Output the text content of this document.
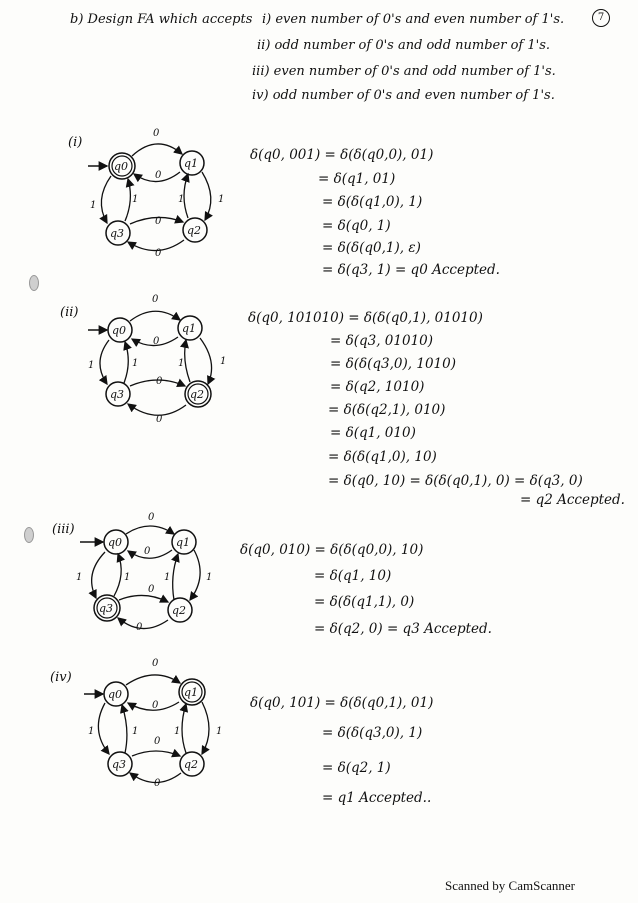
b) Design FA which accepts	7
i) even number of 0's and even number of 1's.
ii) odd number of 0's and odd number of 1's.
iii) even number of 0's and odd number of 1's.
iv) odd number of 0's and even number of 1's.
(i)
q0	q1
q3	q2
0
0
0
0
1
1	1	1
δ(q0, 001) = δ(δ(q0,0), 01)
= δ(q1, 01)
= δ(δ(q1,0), 1)
= δ(q0, 1)
= δ(δ(q0,1), ε)
= δ(q3, 1) = q0 Accepted.
(ii)
q0	q1
q3	q2
0
0
0
0
1	1	1	1
δ(q0, 101010) = δ(δ(q0,1), 01010)
= δ(q3, 01010)
= δ(δ(q3,0), 1010)
= δ(q2, 1010)
= δ(δ(q2,1), 010)
= δ(q1, 010)
= δ(δ(q1,0), 10)
= δ(q0, 10) = δ(δ(q0,1), 0) = δ(q3, 0)
= q2 Accepted.
(iii)
q0	q1
q3	q2
0
0
0
0
1	1	1	1
δ(q0, 010) = δ(δ(q0,0), 10)
= δ(q1, 10)
= δ(δ(q1,1), 0)
= δ(q2, 0) = q3 Accepted.
(iv)
q0	q1
q3	q2
0
0
0
0
1	1	1	1
δ(q0, 101) = δ(δ(q0,1), 01)
= δ(δ(q3,0), 1)
= δ(q2, 1)
= q1 Accepted..
Scanned by CamScanner
